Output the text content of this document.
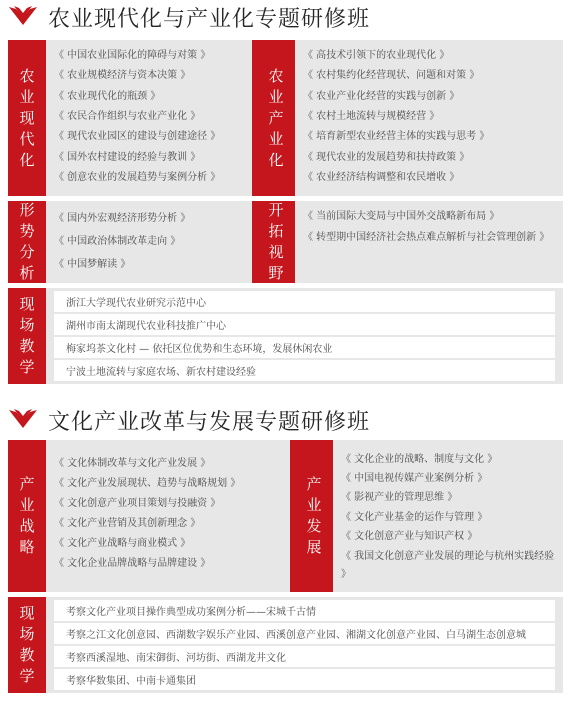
农业现代化与产业化专题研修班
农
业
现
代
化
《 中国农业国际化的障碍与对策 》
《 农业规模经济与资本决策 》
《 农业现代化的瓶颈 》
《 农民合作组织与农业产业化 》
《 现代农业园区的建设与创建途径 》
《 国外农村建设的经验与教训 》
《 创意农业的发展趋势与案例分析 》
农
业
产
业
化
《 高技术引领下的农业现代化 》
《 农村集约化经营现状、问题和对策 》
《 农业产业化经营的实践与创新 》
《 农村土地流转与规模经营 》
《 培育新型农业经营主体的实践与思考 》
《 现代农业的发展趋势和扶持政策 》
《 农业经济结构调整和农民增收 》
形
势
分
析
《 国内外宏观经济形势分析 》
《 中国政治体制改革走向 》
《 中国梦解读 》
开
拓
视
野
《 当前国际大变局与中国外交战略新布局 》
《 转型期中国经济社会热点难点解析与社会管理创新 》
现
场
教
学
浙江大学现代农业研究示范中心
湖州市南太湖现代农业科技推广中心
梅家坞茶文化村 — 依托区位优势和生态环境，发展休闲农业
宁波土地流转与家庭农场、新农村建设经验
文化产业改革与发展专题研修班
产
业
战
略
《 文化体制改革与文化产业发展 》
《 文化产业发展现状、趋势与战略规划 》
《 文化创意产业项目策划与投融资 》
《 文化产业营销及其创新理念 》
《 文化产业战略与商业模式 》
《 文化企业品牌战略与品牌建设 》
产
业
发
展
《 文化企业的战略、制度与文化 》
《 中国电视传媒产业案例分析 》
《 影视产业的管理思维 》
《 文化产业基金的运作与管理 》
《 文化创意产业与知识产权 》
《 我国文化创意产业发展的理论与杭州实践经验 》
现
场
教
学
考察文化产业项目操作典型成功案例分析——宋城千古情
考察之江文化创意园、西湖数字娱乐产业园、西溪创意产业园、湘湖文化创意产业园、白马湖生态创意城
考察西溪湿地、南宋御街、河坊街、西湖龙井文化
考察华数集团、中南卡通集团
